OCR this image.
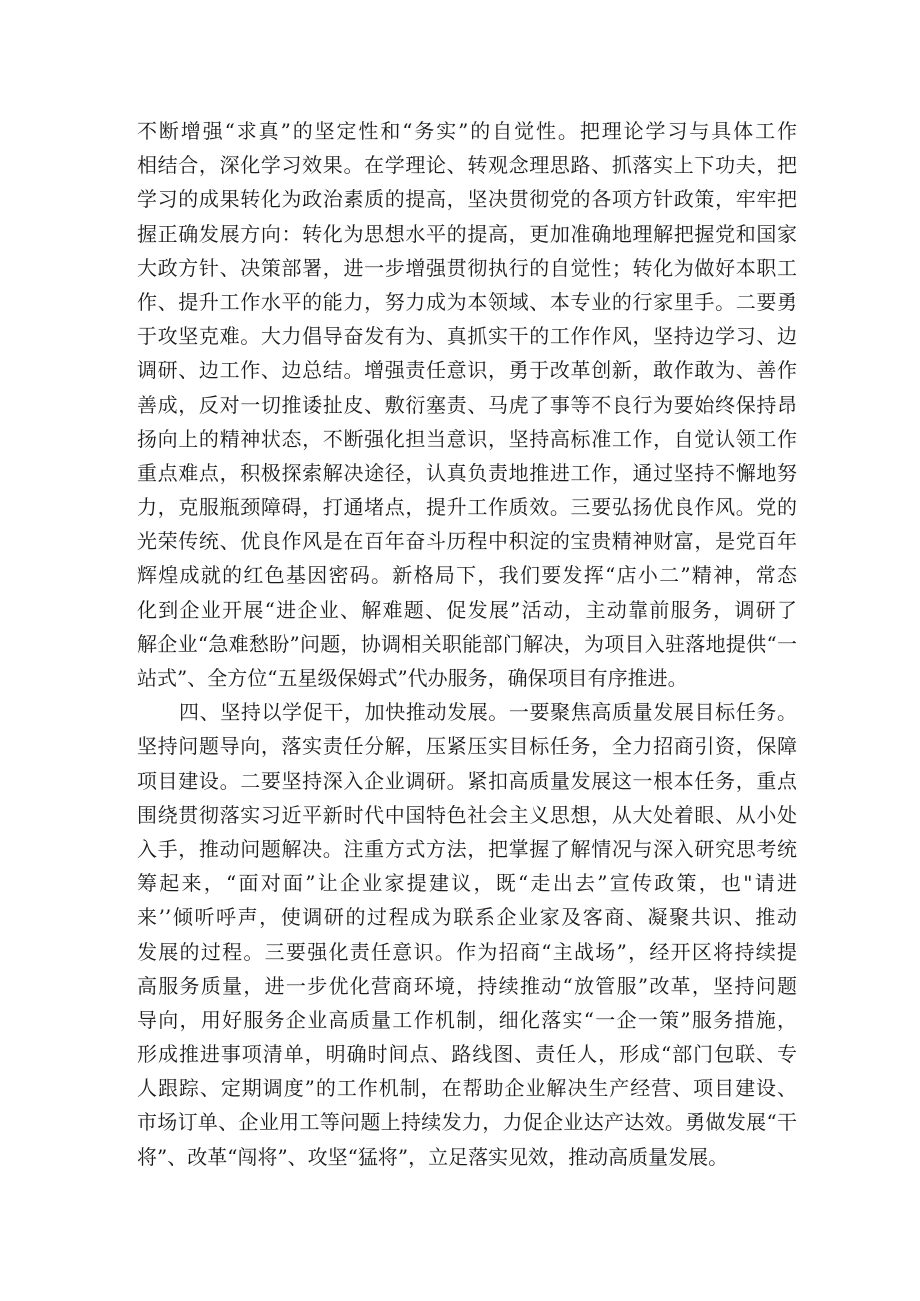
不断增强“求真”的坚定性和“务实”的自觉性。把理论学习与具体工作
相结合，深化学习效果。在学理论、转观念理思路、抓落实上下功夫，把
学习的成果转化为政治素质的提高，坚决贯彻党的各项方针政策，牢牢把
握正确发展方向：转化为思想水平的提高，更加准确地理解把握党和国家
大政方针、决策部署，进一步增强贯彻执行的自觉性；转化为做好本职工
作、提升工作水平的能力，努力成为本领域、本专业的行家里手。二要勇
于攻坚克难。大力倡导奋发有为、真抓实干的工作作风，坚持边学习、边
调研、边工作、边总结。增强责任意识，勇于改革创新，敢作敢为、善作
善成，反对一切推诿扯皮、敷衍塞责、马虎了事等不良行为要始终保持昂
扬向上的精神状态，不断强化担当意识，坚持高标准工作，自觉认领工作
重点难点，积极探索解决途径，认真负责地推进工作，通过坚持不懈地努
力，克服瓶颈障碍，打通堵点，提升工作质效。三要弘扬优良作风。党的
光荣传统、优良作风是在百年奋斗历程中积淀的宝贵精神财富，是党百年
辉煌成就的红色基因密码。新格局下，我们要发挥“店小二”精神，常态
化到企业开展“进企业、解难题、促发展”活动，主动靠前服务，调研了
解企业“急难愁盼”问题，协调相关职能部门解决，为项目入驻落地提供“一
站式”、全方位“五星级保姆式”代办服务，确保项目有序推进。
四、坚持以学促干，加快推动发展。一要聚焦高质量发展目标任务。
坚持问题导向，落实责任分解，压紧压实目标任务，全力招商引资，保障
项目建设。二要坚持深入企业调研。紧扣高质量发展这一根本任务，重点
围绕贯彻落实习近平新时代中国特色社会主义思想，从大处着眼、从小处
入手，推动问题解决。注重方式方法，把掌握了解情况与深入研究思考统
筹起来，“面对面”让企业家提建议，既“走出去”宣传政策，也"请进
来’’倾听呼声，使调研的过程成为联系企业家及客商、凝聚共识、推动
发展的过程。三要强化责任意识。作为招商“主战场”，经开区将持续提
高服务质量，进一步优化营商环境，持续推动“放管服”改革，坚持问题
导向，用好服务企业高质量工作机制，细化落实“一企一策”服务措施，
形成推进事项清单，明确时间点、路线图、责任人，形成“部门包联、专
人跟踪、定期调度”的工作机制，在帮助企业解决生产经营、项目建设、
市场订单、企业用工等问题上持续发力，力促企业达产达效。勇做发展“干
将”、改革“闯将”、攻坚“猛将”，立足落实见效，推动高质量发展。
